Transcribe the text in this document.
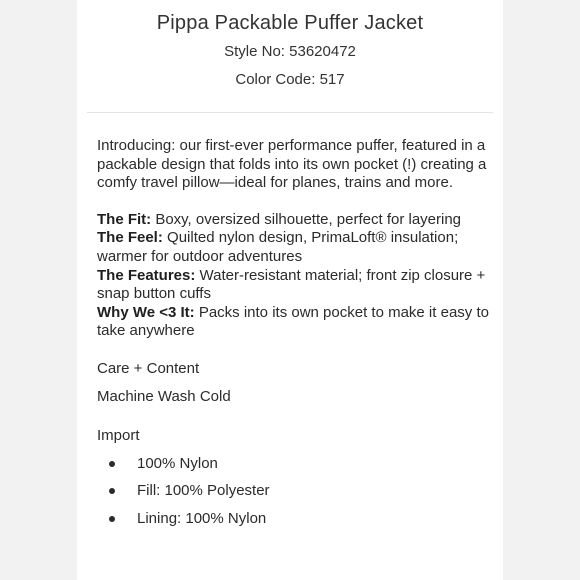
Pippa Packable Puffer Jacket

Style No: 53620472

Color Code: 517

Introducing: our first-ever performance puffer, featured in a packable design that folds into its own pocket (!) creating a comfy travel pillow—ideal for planes, trains and more.

The Fit: Boxy, oversized silhouette, perfect for layering

The Feel: Quilted nylon design, PrimaLoft® insulation; warmer for outdoor adventures

The Features: Water-resistant material; front zip closure + snap button cuffs

Why We <3 It: Packs into its own pocket to make it easy to take anywhere

Care + Content

Machine Wash Cold

Import

100% Nylon
Fill: 100% Polyester
Lining: 100% Nylon
